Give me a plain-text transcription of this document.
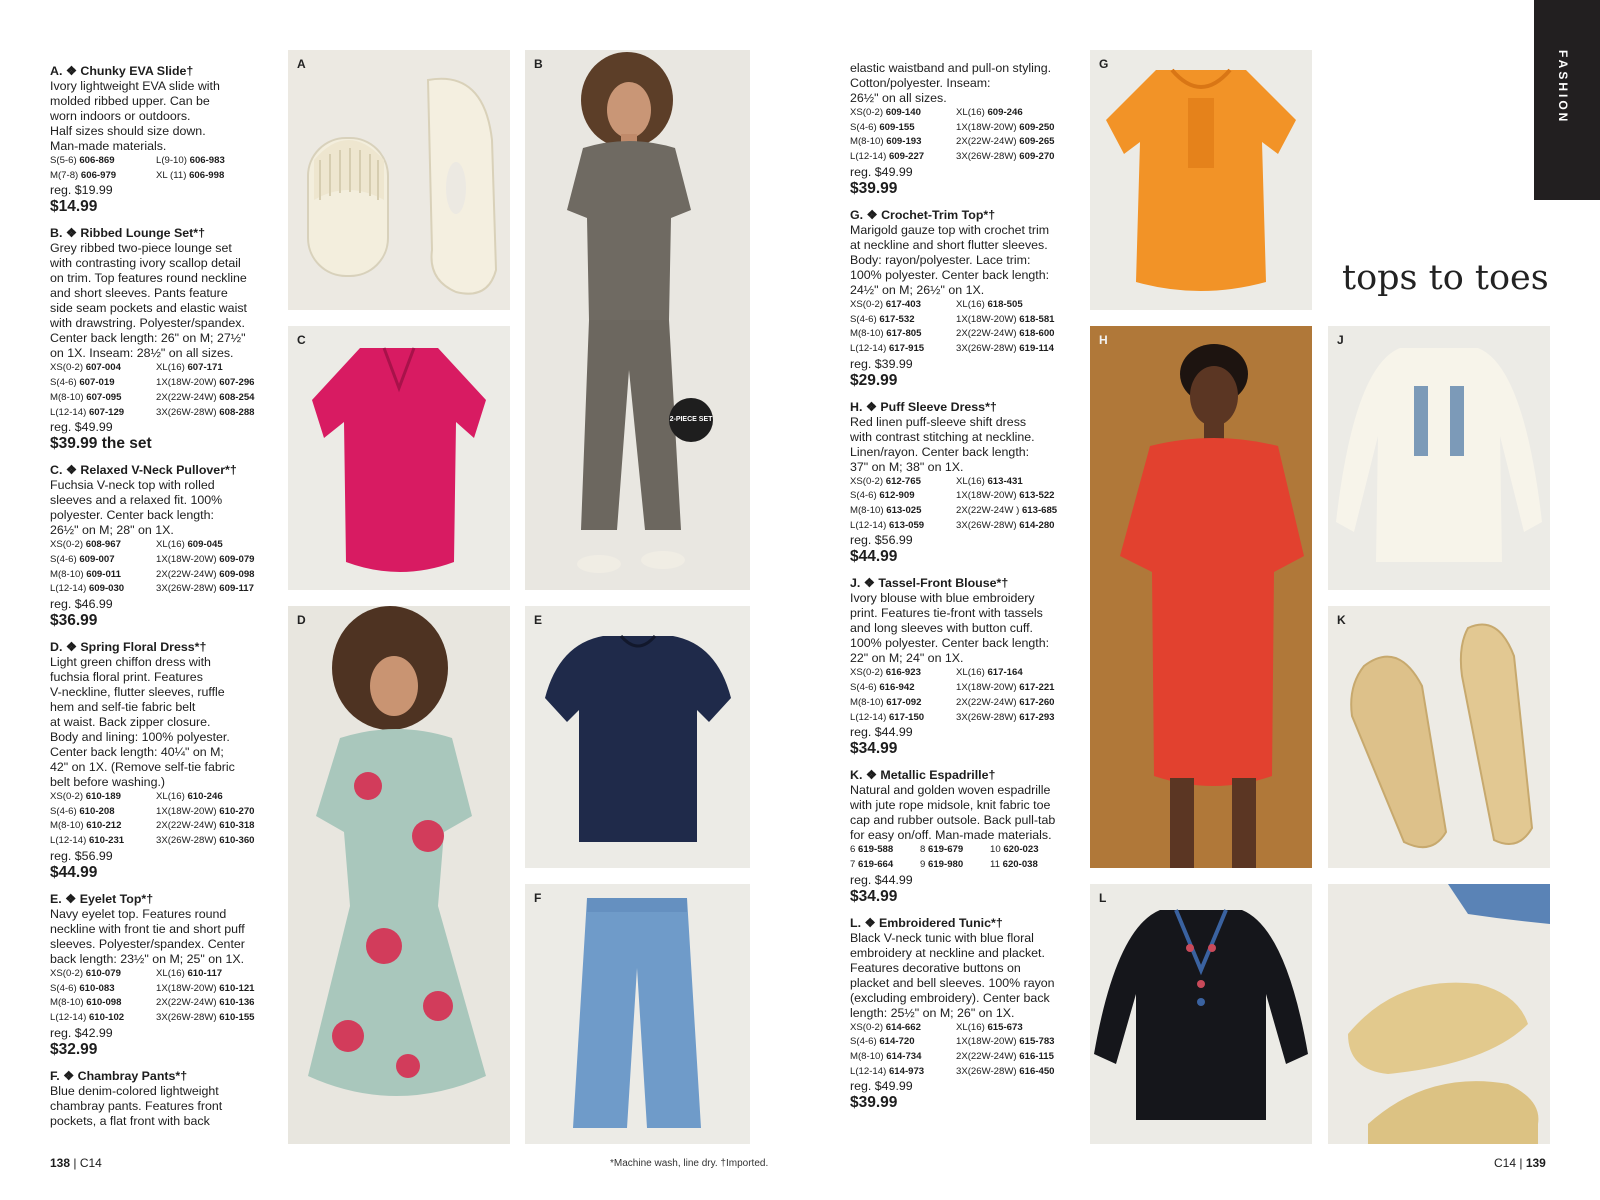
A. ❖ Chunky EVA Slide†
Ivory lightweight EVA slide with
molded ribbed upper. Can be
worn indoors or outdoors.
Half sizes should size down.
Man-made materials.
S(5-6) 606-869	L(9-10) 606-983
M(7-8) 606-979	XL (11) 606-998
reg. $19.99
$14.99
B. ❖ Ribbed Lounge Set*†
Grey ribbed two-piece lounge set
with contrasting ivory scallop detail
on trim. Top features round neckline
and short sleeves. Pants feature
side seam pockets and elastic waist
with drawstring. Polyester/spandex.
Center back length: 26" on M; 27½"
on 1X. Inseam: 28½" on all sizes.
XS(0-2) 607-004	XL(16) 607-171
S(4-6) 607-019	1X(18W-20W) 607-296
M(8-10) 607-095	2X(22W-24W) 608-254
L(12-14) 607-129	3X(26W-28W) 608-288
reg. $49.99
$39.99 the set
C. ❖ Relaxed V-Neck Pullover*†
Fuchsia V-neck top with rolled
sleeves and a relaxed fit. 100%
polyester. Center back length:
26½" on M; 28" on 1X.
XS(0-2) 608-967	XL(16) 609-045
S(4-6) 609-007	1X(18W-20W) 609-079
M(8-10) 609-011	2X(22W-24W) 609-098
L(12-14) 609-030	3X(26W-28W) 609-117
reg. $46.99
$36.99
D. ❖ Spring Floral Dress*†
Light green chiffon dress with
fuchsia floral print. Features
V-neckline, flutter sleeves, ruffle
hem and self-tie fabric belt
at waist. Back zipper closure.
Body and lining: 100% polyester.
Center back length: 40¼" on M;
42" on 1X. (Remove self-tie fabric
belt before washing.)
XS(0-2) 610-189	XL(16) 610-246
S(4-6) 610-208	1X(18W-20W) 610-270
M(8-10) 610-212	2X(22W-24W) 610-318
L(12-14) 610-231	3X(26W-28W) 610-360
reg. $56.99
$44.99
E. ❖ Eyelet Top*†
Navy eyelet top. Features round
neckline with front tie and short puff
sleeves. Polyester/spandex. Center
back length: 23½" on M; 25" on 1X.
XS(0-2) 610-079	XL(16) 610-117
S(4-6) 610-083	1X(18W-20W) 610-121
M(8-10) 610-098	2X(22W-24W) 610-136
L(12-14) 610-102	3X(26W-28W) 610-155
reg. $42.99
$32.99
F. ❖ Chambray Pants*†
Blue denim-colored lightweight
chambray pants. Features front
pockets, a flat front with back
elastic waistband and pull-on styling.
Cotton/polyester. Inseam:
26½" on all sizes.
XS(0-2) 609-140	XL(16) 609-246
S(4-6) 609-155	1X(18W-20W) 609-250
M(8-10) 609-193	2X(22W-24W) 609-265
L(12-14) 609-227	3X(26W-28W) 609-270
reg. $49.99
$39.99
G. ❖ Crochet-Trim Top*†
Marigold gauze top with crochet trim
at neckline and short flutter sleeves.
Body: rayon/polyester. Lace trim:
100% polyester. Center back length:
24½" on M; 26½" on 1X.
XS(0-2) 617-403	XL(16) 618-505
S(4-6) 617-532	1X(18W-20W) 618-581
M(8-10) 617-805	2X(22W-24W) 618-600
L(12-14) 617-915	3X(26W-28W) 619-114
reg. $39.99
$29.99
H. ❖ Puff Sleeve Dress*†
Red linen puff-sleeve shift dress
with contrast stitching at neckline.
Linen/rayon. Center back length:
37" on M; 38" on 1X.
XS(0-2) 612-765	XL(16) 613-431
S(4-6) 612-909	1X(18W-20W) 613-522
M(8-10) 613-025	2X(22W-24W ) 613-685
L(12-14) 613-059	3X(26W-28W) 614-280
reg. $56.99
$44.99
J. ❖ Tassel-Front Blouse*†
Ivory blouse with blue embroidery
print. Features tie-front with tassels
and long sleeves with button cuff.
100% polyester. Center back length:
22" on M; 24" on 1X.
XS(0-2) 616-923	XL(16) 617-164
S(4-6) 616-942	1X(18W-20W) 617-221
M(8-10) 617-092	2X(22W-24W) 617-260
L(12-14) 617-150	3X(26W-28W) 617-293
reg. $44.99
$34.99
K. ❖ Metallic Espadrille†
Natural and golden woven espadrille
with jute rope midsole, knit fabric toe
cap and rubber outsole. Back pull-tab
for easy on/off. Man-made materials.
6 619-588	8 619-679	10 620-023
7 619-664	9 619-980	11 620-038
reg. $44.99
$34.99
L. ❖ Embroidered Tunic*†
Black V-neck tunic with blue floral
embroidery at neckline and placket.
Features decorative buttons on
placket and bell sleeves. 100% rayon
(excluding embroidery). Center back
length: 25½" on M; 26" on 1X.
XS(0-2) 614-662	XL(16) 615-673
S(4-6) 614-720	1X(18W-20W) 615-783
M(8-10) 614-734	2X(22W-24W) 616-115
L(12-14) 614-973	3X(26W-28W) 616-450
reg. $49.99
$39.99
A	B
C
D	E
F
G
H	J
K
L
2-PIECE SET
FASHION
tops to toes
138 | C14	*Machine wash, line dry. †Imported.	C14 | 139
